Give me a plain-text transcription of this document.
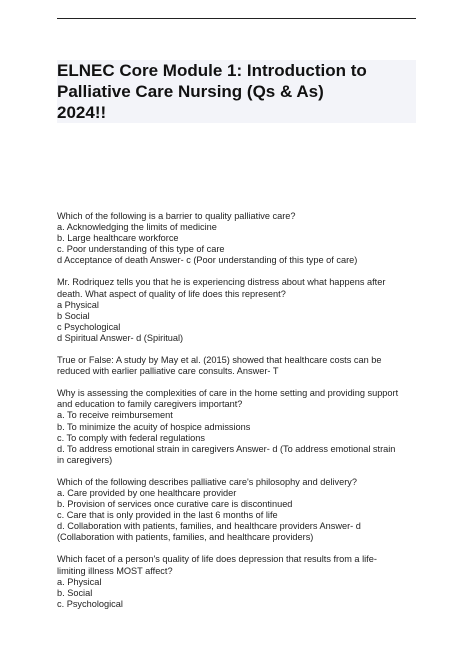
ELNEC Core Module 1: Introduction to
Palliative Care Nursing (Qs & As)
2024!!

Which of the following is a barrier to quality palliative care?
a. Acknowledging the limits of medicine
b. Large healthcare workforce
c. Poor understanding of this type of care
d Acceptance of death Answer- c (Poor understanding of this type of care)

Mr. Rodriquez tells you that he is experiencing distress about what happens after
death. What aspect of quality of life does this represent?
a Physical
b Social
c Psychological
d Spiritual Answer- d (Spiritual)

True or False: A study by May et al. (2015) showed that healthcare costs can be
reduced with earlier palliative care consults. Answer- T

Why is assessing the complexities of care in the home setting and providing support
and education to family caregivers important?
a. To receive reimbursement
b. To minimize the acuity of hospice admissions
c. To comply with federal regulations
d. To address emotional strain in caregivers Answer- d (To address emotional strain
in caregivers)

Which of the following describes palliative care's philosophy and delivery?
a. Care provided by one healthcare provider
b. Provision of services once curative care is discontinued
c. Care that is only provided in the last 6 months of life
d. Collaboration with patients, families, and healthcare providers Answer- d
(Collaboration with patients, families, and healthcare providers)

Which facet of a person's quality of life does depression that results from a life-
limiting illness MOST affect?
a. Physical
b. Social
c. Psychological
